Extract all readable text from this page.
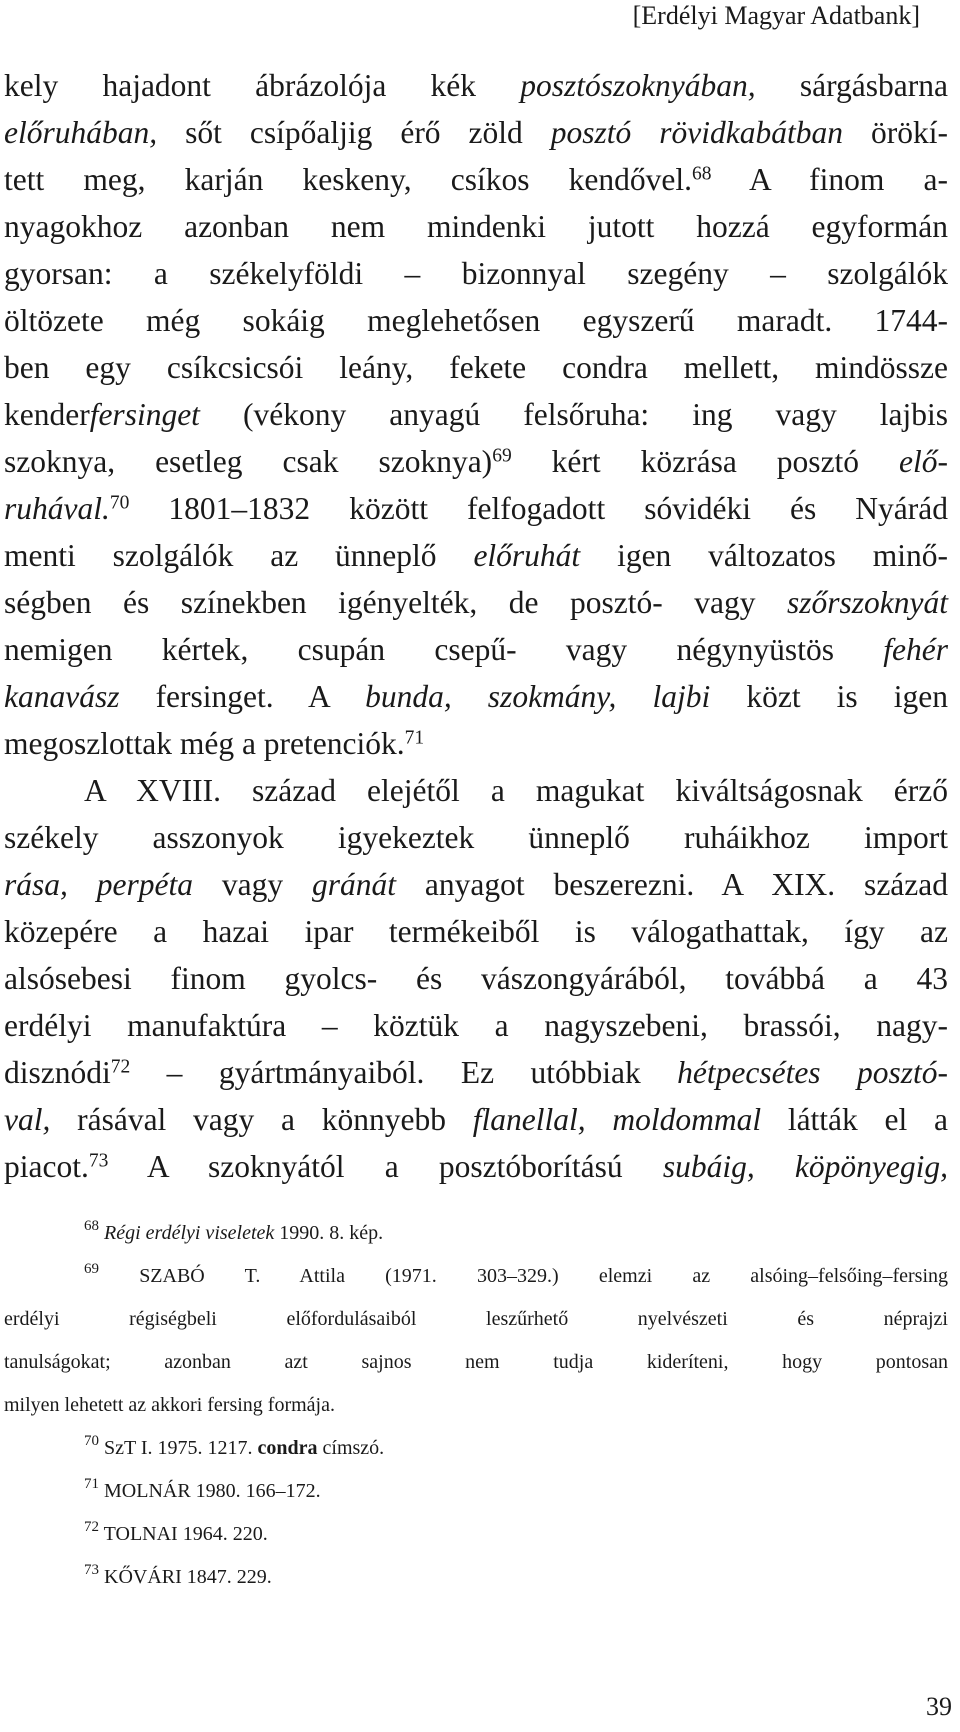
[Erdélyi Magyar Adatbank]
kely hajadont ábrázolója kék posztószoknyában, sárgásbarna
előruhában, sőt csípőaljig érő zöld posztó rövidkabátban örökí-
tett meg, karján keskeny, csíkos kendővel.$^{68}$ A finom a-
nyagokhoz azonban nem mindenki jutott hozzá egyformán
gyorsan: a székelyföldi – bizonnyal szegény – szolgálók
öltözete még sokáig meglehetősen egyszerű maradt. 1744-
ben egy csíkcsicsói leány, fekete condra mellett, mindössze
kenderfersinget (vékony anyagú felsőruha: ing vagy lajbis
szoknya, esetleg csak szoknya)$^{69}$ kért közrása posztó elő-
ruhával.$^{70}$ 1801–1832 között felfogadott sóvidéki és Nyárád
menti szolgálók az ünneplő előruhát igen változatos minő-
ségben és színekben igényelték, de posztó- vagy szőrszoknyát
nemigen kértek, csupán csepű- vagy négynyüstös fehér
kanavász fersinget. A bunda, szokmány, lajbi közt is igen
megoszlottak még a pretenciók.$^{71}$
A XVIII. század elejétől a magukat kiváltságosnak érző
székely asszonyok igyekeztek ünneplő ruháikhoz import
rása, perpéta vagy gránát anyagot beszerezni. A XIX. század
közepére a hazai ipar termékeiből is válogathattak, így az
alsósebesi finom gyolcs- és vászongyárából, továbbá a 43
erdélyi manufaktúra – köztük a nagyszebeni, brassói, nagy-
disznódi$^{72}$ – gyártmányaiból. Ez utóbbiak hétpecsétes posztó-
val, rásával vagy a könnyebb flanellal, moldommal látták el a
piacot.$^{73}$ A szoknyától a posztóborítású subáig, köpönyegig,
$^{68}$ Régi erdélyi viseletek 1990. 8. kép.
$^{69}$ SZABÓ T. Attila (1971. 303–329.) elemzi az alsóing–felsőing–fersing
erdélyi régiségbeli előfordulásaiból leszűrhető nyelvészeti és néprajzi
tanulságokat; azonban azt sajnos nem tudja kideríteni, hogy pontosan
milyen lehetett az akkori fersing formája.
$^{70}$ SzT I. 1975. 1217. condra címszó.
$^{71}$ MOLNÁR 1980. 166–172.
$^{72}$ TOLNAI 1964. 220.
$^{73}$ KŐVÁRI 1847. 229.
39
